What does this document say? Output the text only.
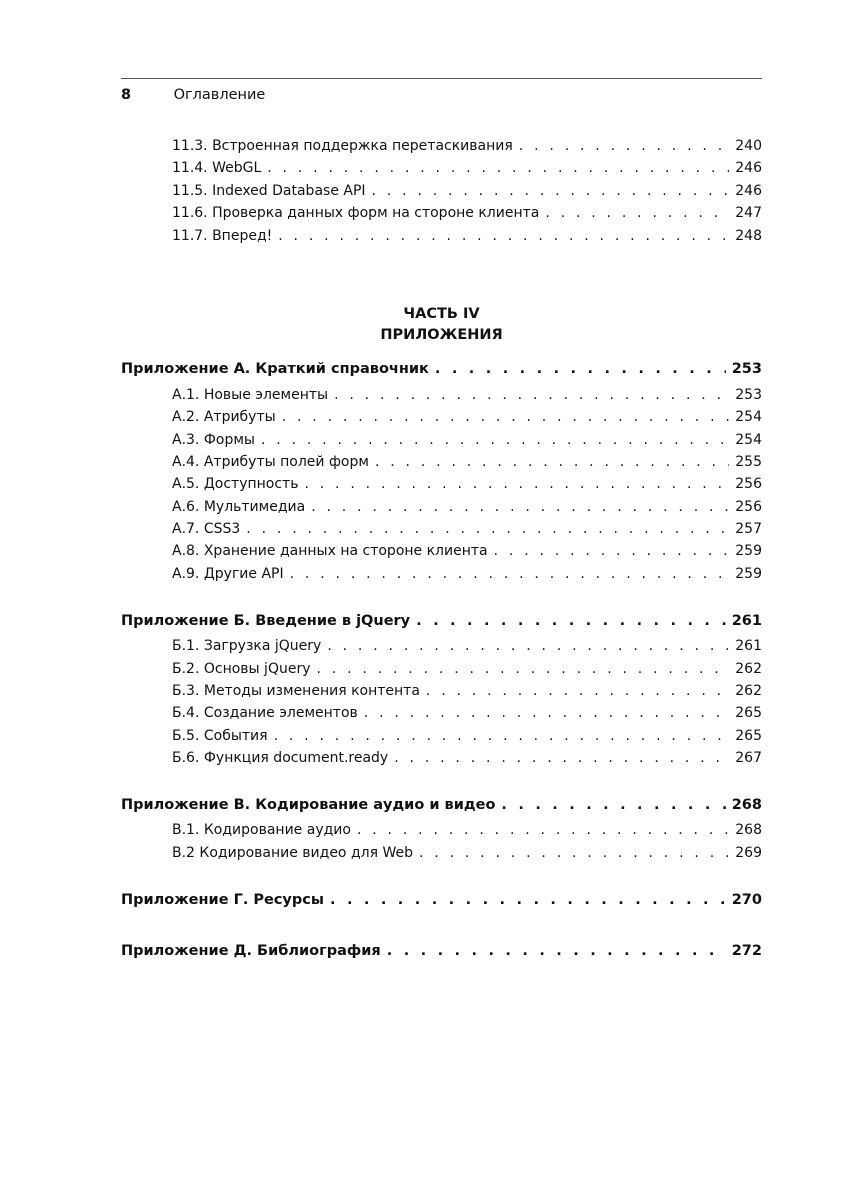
8	Оглавление
11.3. Встроенная поддержка перетаскивания . . .	240
11.4. WebGL . . .	246
11.5. Indexed Database API . . .	246
11.6. Проверка данных форм на стороне клиента . . .	247
11.7. Вперед! . . .	248
ЧАСТЬ IV
ПРИЛОЖЕНИЯ
Приложение А. Краткий справочник . . .	253
А.1. Новые элементы . . .	253
А.2. Атрибуты . . .	254
А.3. Формы . . .	254
А.4. Атрибуты полей форм . . .	255
А.5. Доступность . . .	256
А.6. Мультимедиа . . .	256
А.7. CSS3 . . .	257
А.8. Хранение данных на стороне клиента . . .	259
А.9. Другие API . . .	259
Приложение Б. Введение в jQuery . . .	261
Б.1. Загрузка jQuery . . .	261
Б.2. Основы jQuery . . .	262
Б.3. Методы изменения контента . . .	262
Б.4. Создание элементов . . .	265
Б.5. События . . .	265
Б.6. Функция document.ready . . .	267
Приложение В. Кодирование аудио и видео . . .	268
В.1. Кодирование аудио . . .	268
В.2 Кодирование видео для Web . . .	269
Приложение Г. Ресурсы . . .	270
Приложение Д. Библиография . . .	272
